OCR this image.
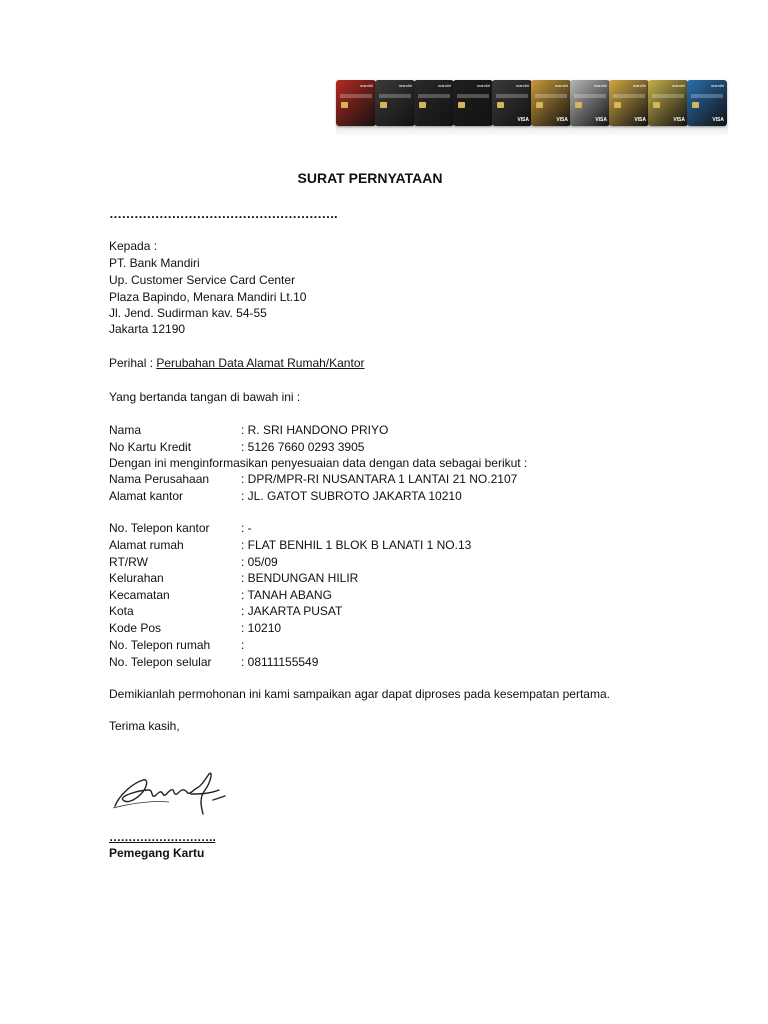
mandiri	mandiri	mandiri	mandiri	mandiri
VISA
mandiri
VISA
mandiri
VISA
mandiri
VISA
mandiri
VISA
mandiri
VISA
SURAT PERNYATAAN
……………………………………………….
Kepada :
PT. Bank Mandiri
Up. Customer Service Card Center
Plaza Bapindo, Menara Mandiri Lt.10
Jl. Jend. Sudirman kav. 54-55
Jakarta 12190
Perihal : Perubahan Data Alamat Rumah/Kantor
Yang bertanda tangan di bawah ini :
Nama	: R. SRI HANDONO PRIYO
No Kartu Kredit	: 5126 7660 0293 3905
Dengan ini menginformasikan penyesuaian data dengan data sebagai berikut :
Nama Perusahaan	: DPR/MPR-RI NUSANTARA 1 LANTAI 21 NO.2107
Alamat kantor	: JL. GATOT SUBROTO JAKARTA 10210
No. Telepon kantor	: -
Alamat rumah	: FLAT BENHIL 1 BLOK B LANATI 1 NO.13
RT/RW	: 05/09
Kelurahan	: BENDUNGAN HILIR
Kecamatan	: TANAH ABANG
Kota	: JAKARTA PUSAT
Kode Pos	: 10210
No. Telepon rumah	:
No. Telepon selular : 08111155549
Demikianlah permohonan ini kami sampaikan agar dapat diproses pada kesempatan pertama.
Terima kasih,
……………………….
Pemegang Kartu
